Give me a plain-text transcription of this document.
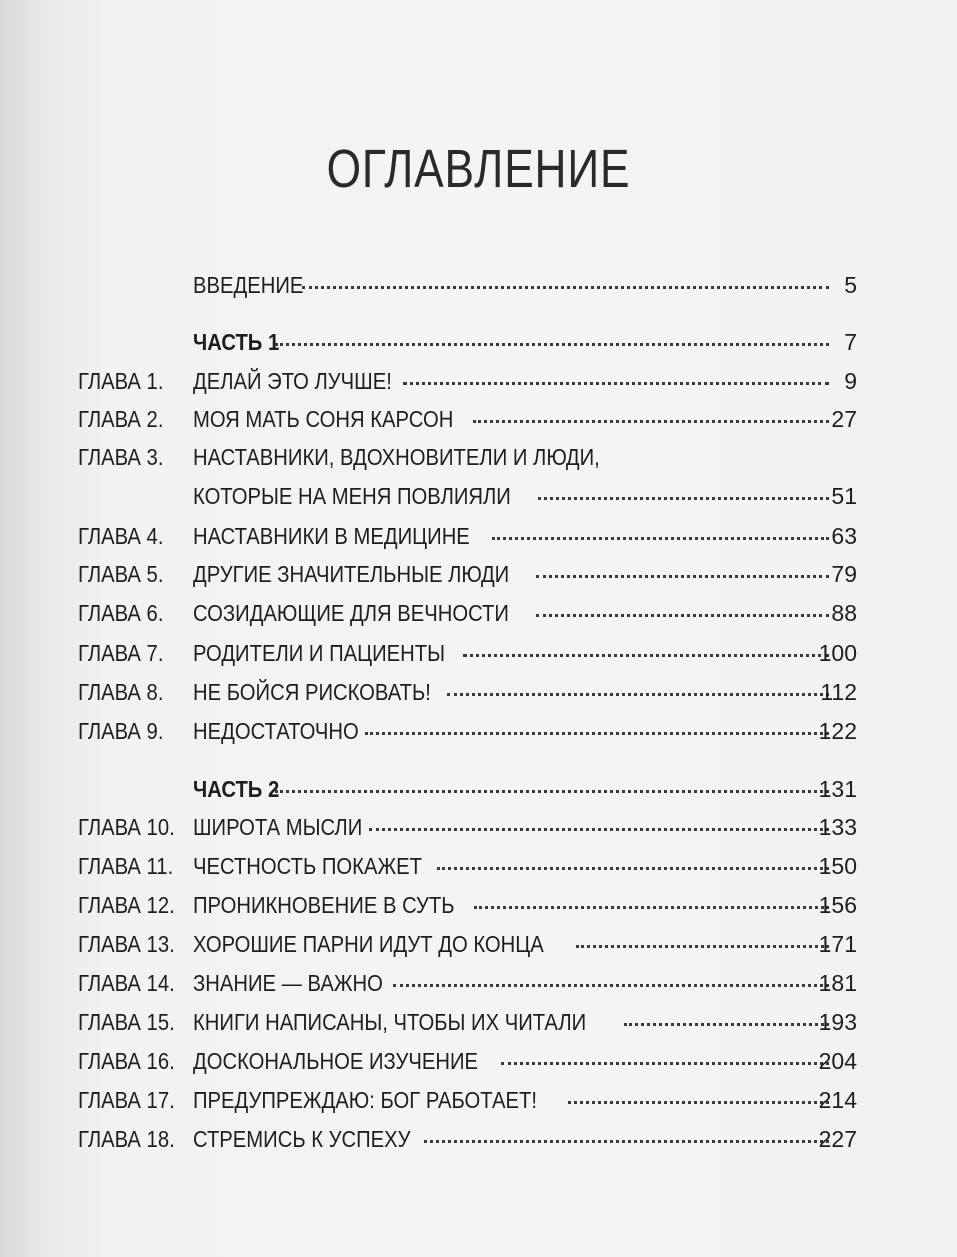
ОГЛАВЛЕНИЕ
ВВЕДЕНИЕ	5
ЧАСТЬ 1	7
ГЛАВА 1. ДЕЛАЙ ЭТО ЛУЧШЕ!	9
ГЛАВА 2. МОЯ МАТЬ СОНЯ КАРСОН	27
ГЛАВА 3. НАСТАВНИКИ, ВДОХНОВИТЕЛИ И ЛЮДИ,
КОТОРЫЕ НА МЕНЯ ПОВЛИЯЛИ	51
ГЛАВА 4. НАСТАВНИКИ В МЕДИЦИНЕ	63
ГЛАВА 5. ДРУГИЕ ЗНАЧИТЕЛЬНЫЕ ЛЮДИ	79
ГЛАВА 6. СОЗИДАЮЩИЕ ДЛЯ ВЕЧНОСТИ	88
ГЛАВА 7. РОДИТЕЛИ И ПАЦИЕНТЫ	100
ГЛАВА 8. НЕ БОЙСЯ РИСКОВАТЬ!	112
ГЛАВА 9. НЕДОСТАТОЧНО	122
ЧАСТЬ 2	131
ГЛАВА 10. ШИРОТА МЫСЛИ	133
ГЛАВА 11. ЧЕСТНОСТЬ ПОКАЖЕТ	150
ГЛАВА 12. ПРОНИКНОВЕНИЕ В СУТЬ	156
ГЛАВА 13. ХОРОШИЕ ПАРНИ ИДУТ ДО КОНЦА	171
ГЛАВА 14. ЗНАНИЕ — ВАЖНО	181
ГЛАВА 15. КНИГИ НАПИСАНЫ, ЧТОБЫ ИХ ЧИТАЛИ	193
ГЛАВА 16. ДОСКОНАЛЬНОЕ ИЗУЧЕНИЕ	204
ГЛАВА 17. ПРЕДУПРЕЖДАЮ: БОГ РАБОТАЕТ!	214
ГЛАВА 18. СТРЕМИСЬ К УСПЕХУ	227
